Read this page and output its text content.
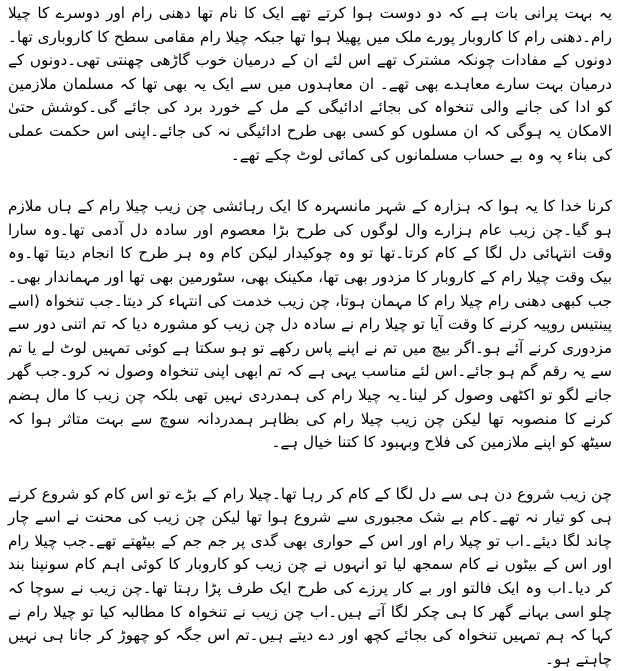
یہ بہت پرانی بات ہے کہ دو دوست ہوا کرتے تھے ایک کا نام تھا دھنی رام اور دوسرے کا چیلا رام۔دھنی رام کا کاروبار پورے ملک میں پھیلا ہوا تھا جبکہ چیلا رام مقامی سطح کا کاروباری تھا۔دونوں کے مفادات چونکہ مشترک تھے اس لئے ان کے درمیان خوب گاڑھی چھنتی تھی۔دونوں کے درمیان بہت سارے معاہدے بھی تھے۔ ان معاہدوں میں سے ایک یہ بھی تھا کہ مسلمان ملازمین کو ادا کی جانے والی تنخواہ کی بجائے ادائیگی کے مل کے خورد برد کی جائے گی۔کوشش حتیٰ الامکان یہ ہوگی کہ ان مسلوں کو کسی بھی طرح ادائیگی نہ کی جائے۔اپنی اس حکمت عملی کی بناء پہ وہ بے حساب مسلمانوں کی کمائی لوٹ چکے تھے۔

کرنا خدا کا یہ ہوا کہ ہزارہ کے شہر مانسہرہ کا ایک رہائشی چن زیب چیلا رام کے ہاں ملازم ہو گیا۔چن زیب عام ہزارے وال لوگوں کی طرح بڑا معصوم اور سادہ دل آدمی تھا۔وہ سارا وقت انتہائی دل لگا کے کام کرتا۔تھا تو وہ چوکیدار لیکن کام وہ ہر طرح کا انجام دیتا تھا۔وہ بیک وقت چیلا رام کے کاروبار کا مزدور بھی تھا، مکینک بھی، سٹورمین بھی تھا اور مہماندار بھی۔جب کبھی دھنی رام چیلا رام کا مہمان ہوتا، چن زیب خدمت کی انتہاء کر دیتا۔جب تنخواہ (اسے پینتیس روپیہ کرنے کا وقت آیا تو چیلا رام نے سادہ دل چن زیب کو مشورہ دیا کہ تم اتنی دور سے مزدوری کرنے آئے ہو۔اگر بیچ میں تم نے اپنے پاس رکھے تو ہو سکتا ہے کوئی تمہیں لوٹ لے یا تم سے یہ رقم گم ہو جائے۔اس لئے مناسب یہی ہے کہ تم ابھی اپنی تنخواہ وصول نہ کرو۔جب گھر جانے لگو تو اکٹھی وصول کر لینا۔یہ چیلا رام کی ہمدردی نہیں تھی بلکہ چن زیب کا مال ہضم کرنے کا منصوبہ تھا لیکن چن زیب چیلا رام کی بظاہر ہمدردانہ سوچ سے بہت متاثر ہوا کہ سیٹھ کو اپنے ملازمین کی فلاح وبہبود کا کتنا خیال ہے۔

چن زیب شروع دن ہی سے دل لگا کے کام کر رہا تھا۔چیلا رام کے بڑے تو اس کام کو شروع کرنے ہی کو تیار نہ تھے۔کام بے شک مجبوری سے شروع ہوا تھا لیکن چن زیب کی محنت نے اسے چار چاند لگا دیئے۔اب تو چیلا رام اور اس کے حواری بھی گدی پر جم جم کے بیٹھتے تھے۔جب چیلا رام اور اس کے بیٹوں نے کام سمجھ لیا تو انہوں نے چن زیب کو کاروبار کا کوئی اہم کام سونپنا بند کر دیا۔اب وہ ایک فالتو اور بے کار پرزے کی طرح ایک طرف پڑا رہتا تھا۔چن زیب نے سوچا کہ چلو اسی بہانے گھر کا ہی چکر لگا آتے ہیں۔اب چن زیب نے تنخواہ کا مطالبہ کیا تو چیلا رام نے کہا کہ ہم تمہیں تنخواہ کی بجائے کچھ اور دے دیتے ہیں۔تم اس جگہ کو چھوڑ کر جانا ہی نہیں چاہتے ہو۔
